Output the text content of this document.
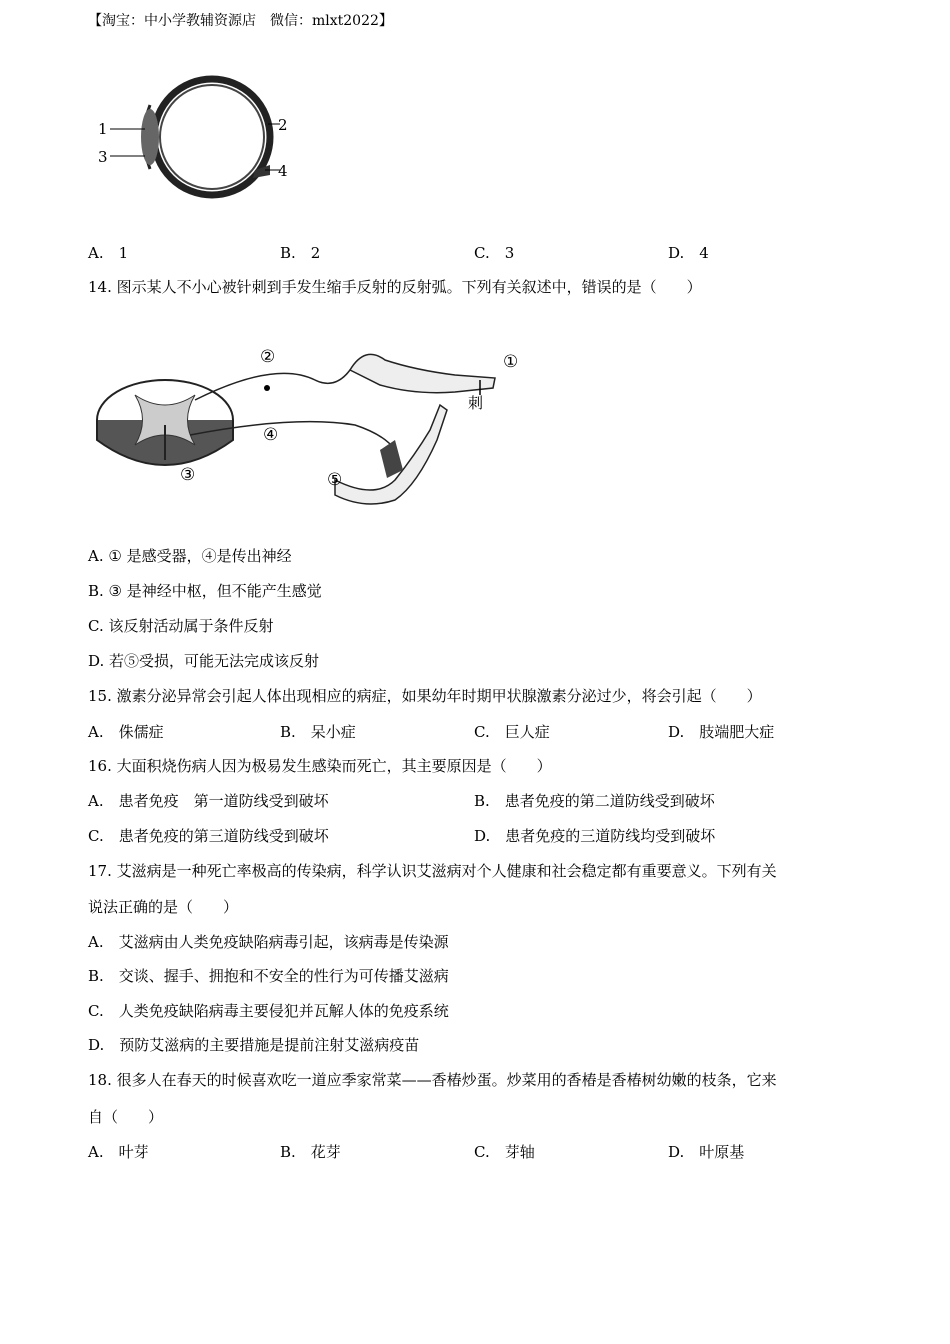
【淘宝：中小学教辅资源店　微信：mlxt2022】
1	2
3
4
A.　1	B.　2	C.　3	D.　4
14. 图示某人不小心被针刺到手发生缩手反射的反射弧。下列有关叙述中，错误的是（　　）
②	①
刺
④
③	⑤
A. ① 是感受器，④是传出神经
B. ③ 是神经中枢，但不能产生感觉
C. 该反射活动属于条件反射
D. 若⑤受损，可能无法完成该反射
15. 激素分泌异常会引起人体出现相应的病症，如果幼年时期甲状腺激素分泌过少，将会引起（　　）
A.　侏儒症	B.　呆小症	C.　巨人症	D.　肢端肥大症
16. 大面积烧伤病人因为极易发生感染而死亡，其主要原因是（　　）
A.　患者免疫　第一道防线受到破坏	B.　患者免疫的第二道防线受到破坏
C.　患者免疫的第三道防线受到破坏	D.　患者免疫的三道防线均受到破坏
17. 艾滋病是一种死亡率极高的传染病，科学认识艾滋病对个人健康和社会稳定都有重要意义。下列有关
说法正确的是（　　）
A.　艾滋病由人类免疫缺陷病毒引起，该病毒是传染源
B.　交谈、握手、拥抱和不安全的性行为可传播艾滋病
C.　人类免疫缺陷病毒主要侵犯并瓦解人体的免疫系统
D.　预防艾滋病的主要措施是提前注射艾滋病疫苗
18. 很多人在春天的时候喜欢吃一道应季家常菜——香椿炒蛋。炒菜用的香椿是香椿树幼嫩的枝条，它来
自（　　）
A.　叶芽	B.　花芽	C.　芽轴	D.　叶原基
